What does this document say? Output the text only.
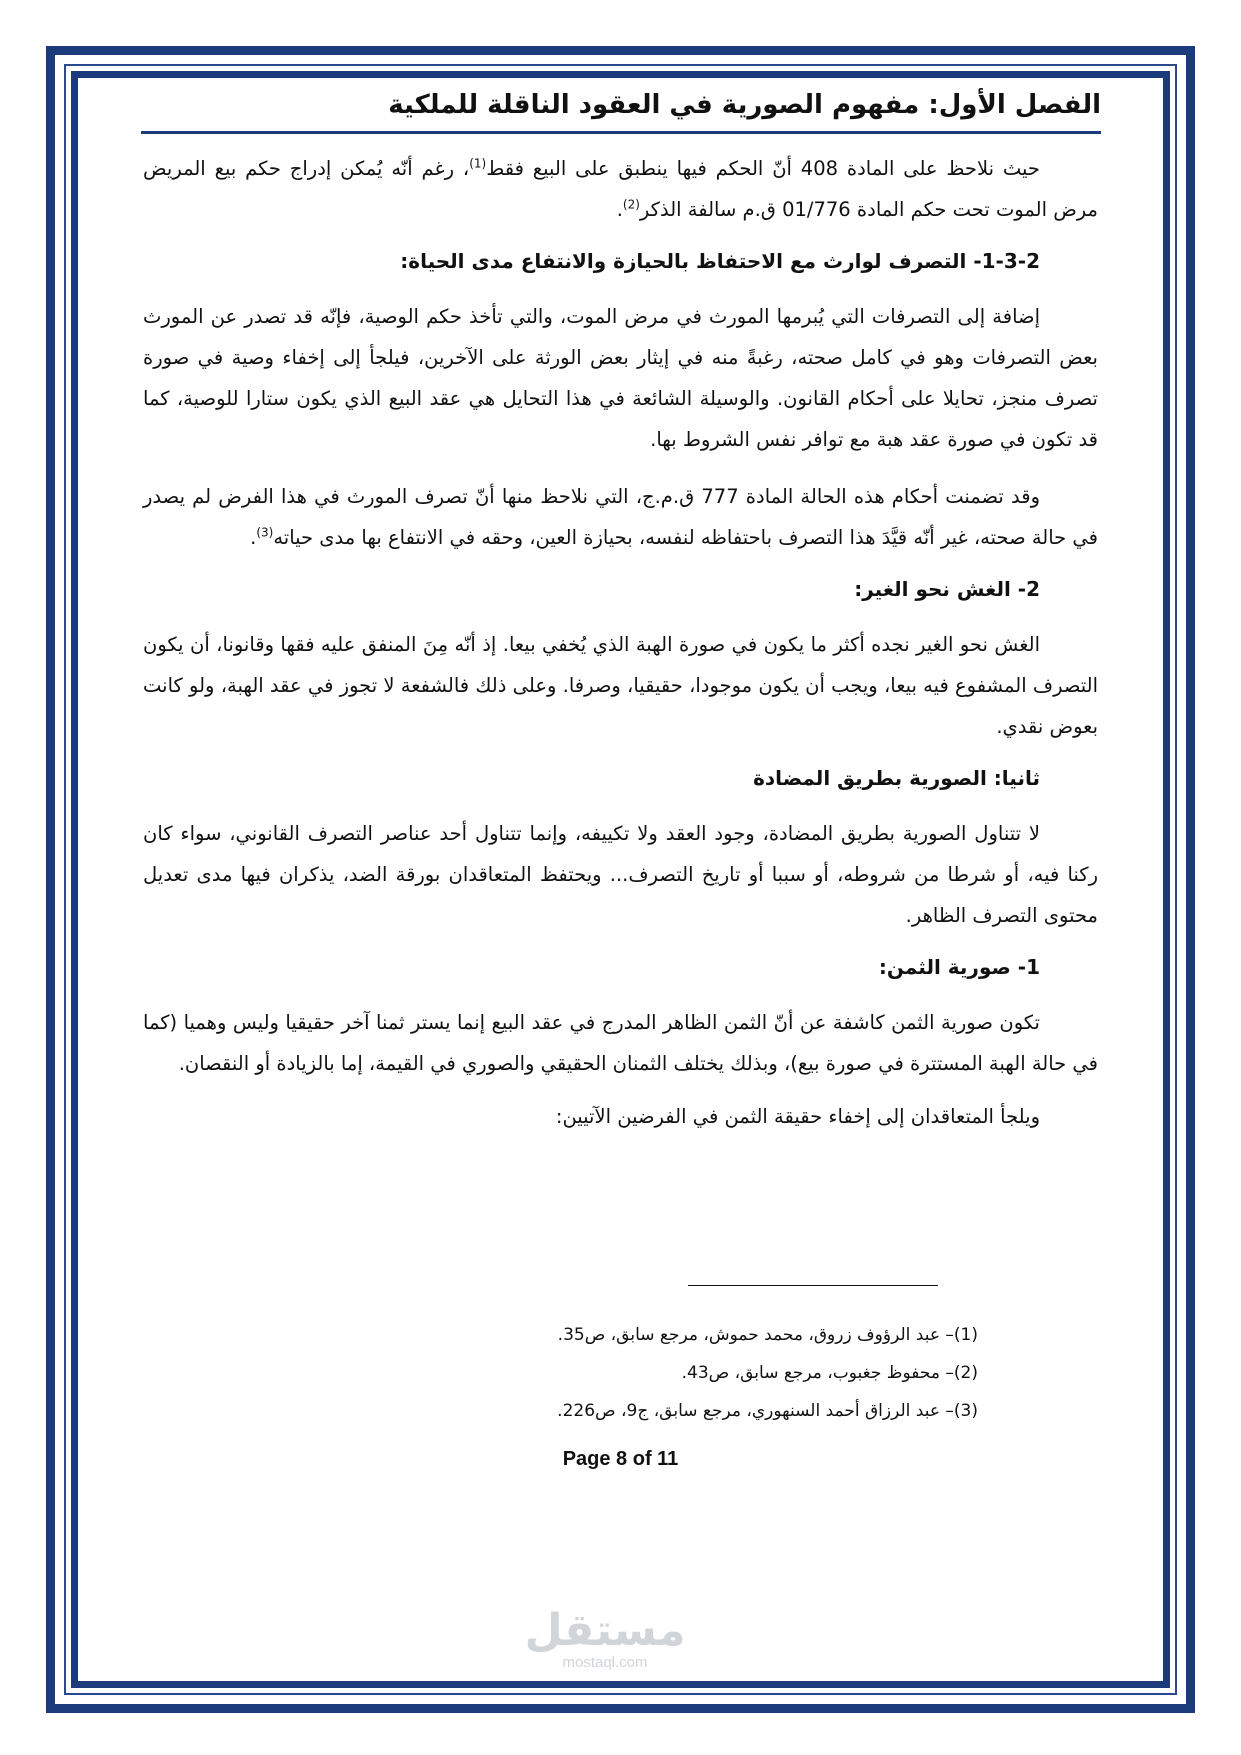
الفصل الأول: مفهوم الصورية في العقود الناقلة للملكية

حيث نلاحظ على المادة 408 أنّ الحكم فيها ينطبق على البيع فقط$^{(1)}$، رغم أنّه يُمكن إدراج حكم بيع المريض مرض الموت تحت حكم المادة 01/776 ق.م سالفة الذكر$^{(2)}$.

1-3-2- التصرف لوارث مع الاحتفاظ بالحيازة والانتفاع مدى الحياة:

إضافة إلى التصرفات التي يُبرمها المورث في مرض الموت، والتي تأخذ حكم الوصية، فإنّه قد تصدر عن المورث بعض التصرفات وهو في كامل صحته، رغبةً منه في إيثار بعض الورثة على الآخرين، فيلجأ إلى إخفاء وصية في صورة تصرف منجز، تحايلا على أحكام القانون. والوسيلة الشائعة في هذا التحايل هي عقد البيع الذي يكون ستارا للوصية، كما قد تكون في صورة عقد هبة مع توافر نفس الشروط بها.

وقد تضمنت أحكام هذه الحالة المادة 777 ق.م.ج، التي نلاحظ منها أنّ تصرف المورث في هذا الفرض لم يصدر في حالة صحته، غير أنّه قيَّدَ هذا التصرف باحتفاظه لنفسه، بحيازة العين، وحقه في الانتفاع بها مدى حياته$^{(3)}$.

2- الغش نحو الغير:

الغش نحو الغير نجده أكثر ما يكون في صورة الهبة الذي يُخفي بيعا. إذ أنّه مِنَ المنفق عليه فقها وقانونا، أن يكون التصرف المشفوع فيه بيعا، ويجب أن يكون موجودا، حقيقيا، وصرفا. وعلى ذلك فالشفعة لا تجوز في عقد الهبة، ولو كانت بعوض نقدي.

ثانيا: الصورية بطريق المضادة

لا تتناول الصورية بطريق المضادة، وجود العقد ولا تكييفه، وإنما تتناول أحد عناصر التصرف القانوني، سواء كان ركنا فيه، أو شرطا من شروطه، أو سببا أو تاريخ التصرف... ويحتفظ المتعاقدان بورقة الضد، يذكران فيها مدى تعديل محتوى التصرف الظاهر.

1- صورية الثمن:

تكون صورية الثمن كاشفة عن أنّ الثمن الظاهر المدرج في عقد البيع إنما يستر ثمنا آخر حقيقيا وليس وهميا (كما في حالة الهبة المستترة في صورة بيع)، وبذلك يختلف الثمنان الحقيقي والصوري في القيمة، إما بالزيادة أو النقصان.

ويلجأ المتعاقدان إلى إخفاء حقيقة الثمن في الفرضين الآتيين:

(1)– عبد الرؤوف زروق، محمد حموش، مرجع سابق، ص35.
(2)– محفوظ جغبوب، مرجع سابق، ص43.
(3)– عبد الرزاق أحمد السنهوري، مرجع سابق، ج9، ص226.
Page 8 of 11
مستقل
mostaql.com
